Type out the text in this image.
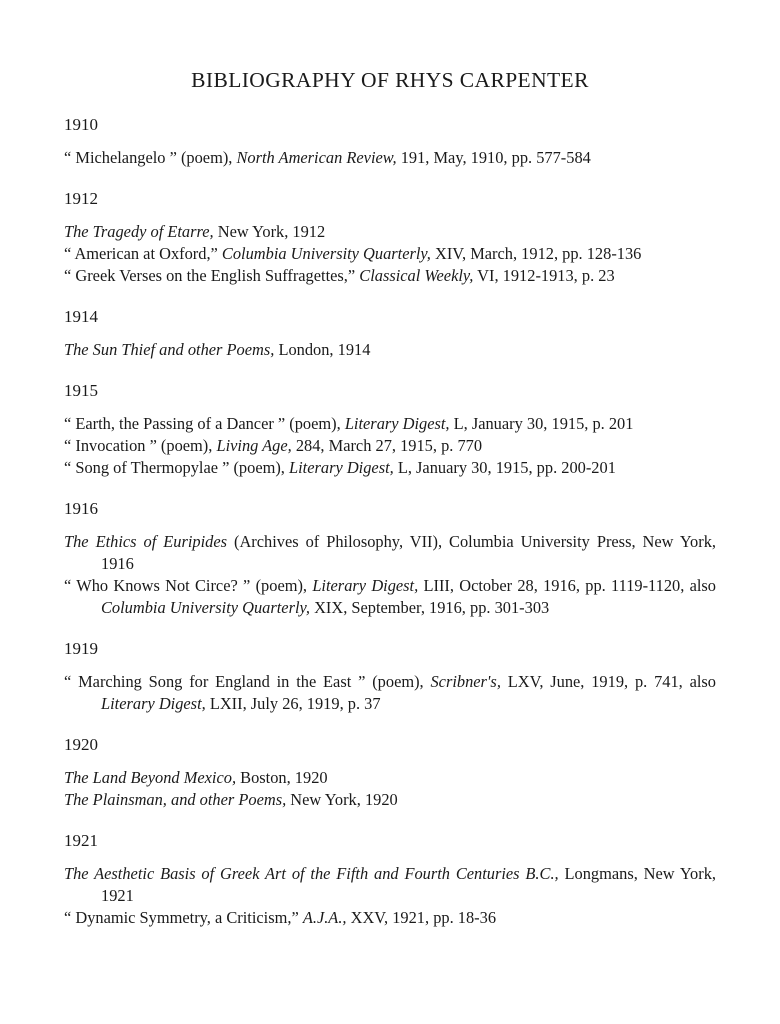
BIBLIOGRAPHY OF RHYS CARPENTER
1910

“ Michelangelo ” (poem), North American Review, 191, May, 1910, pp. 577-584

1912

The Tragedy of Etarre, New York, 1912

“ American at Oxford,” Columbia University Quarterly, XIV, March, 1912, pp. 128-136

“ Greek Verses on the English Suffragettes,” Classical Weekly, VI, 1912-1913, p. 23

1914

The Sun Thief and other Poems, London, 1914

1915

“ Earth, the Passing of a Dancer ” (poem), Literary Digest, L, January 30, 1915, p. 201

“ Invocation ” (poem), Living Age, 284, March 27, 1915, p. 770

“ Song of Thermopylae ” (poem), Literary Digest, L, January 30, 1915, pp. 200-201

1916

The Ethics of Euripides (Archives of Philosophy, VII), Columbia University Press, New York, 1916

“ Who Knows Not Circe? ” (poem), Literary Digest, LIII, October 28, 1916, pp. 1119-1120, also Columbia University Quarterly, XIX, September, 1916, pp. 301-303

1919

“ Marching Song for England in the East ” (poem), Scribner's, LXV, June, 1919, p. 741, also Literary Digest, LXII, July 26, 1919, p. 37

1920

The Land Beyond Mexico, Boston, 1920

The Plainsman, and other Poems, New York, 1920

1921

The Aesthetic Basis of Greek Art of the Fifth and Fourth Centuries B.C., Longmans, New York, 1921

“ Dynamic Symmetry, a Criticism,” A.J.A., XXV, 1921, pp. 18-36
